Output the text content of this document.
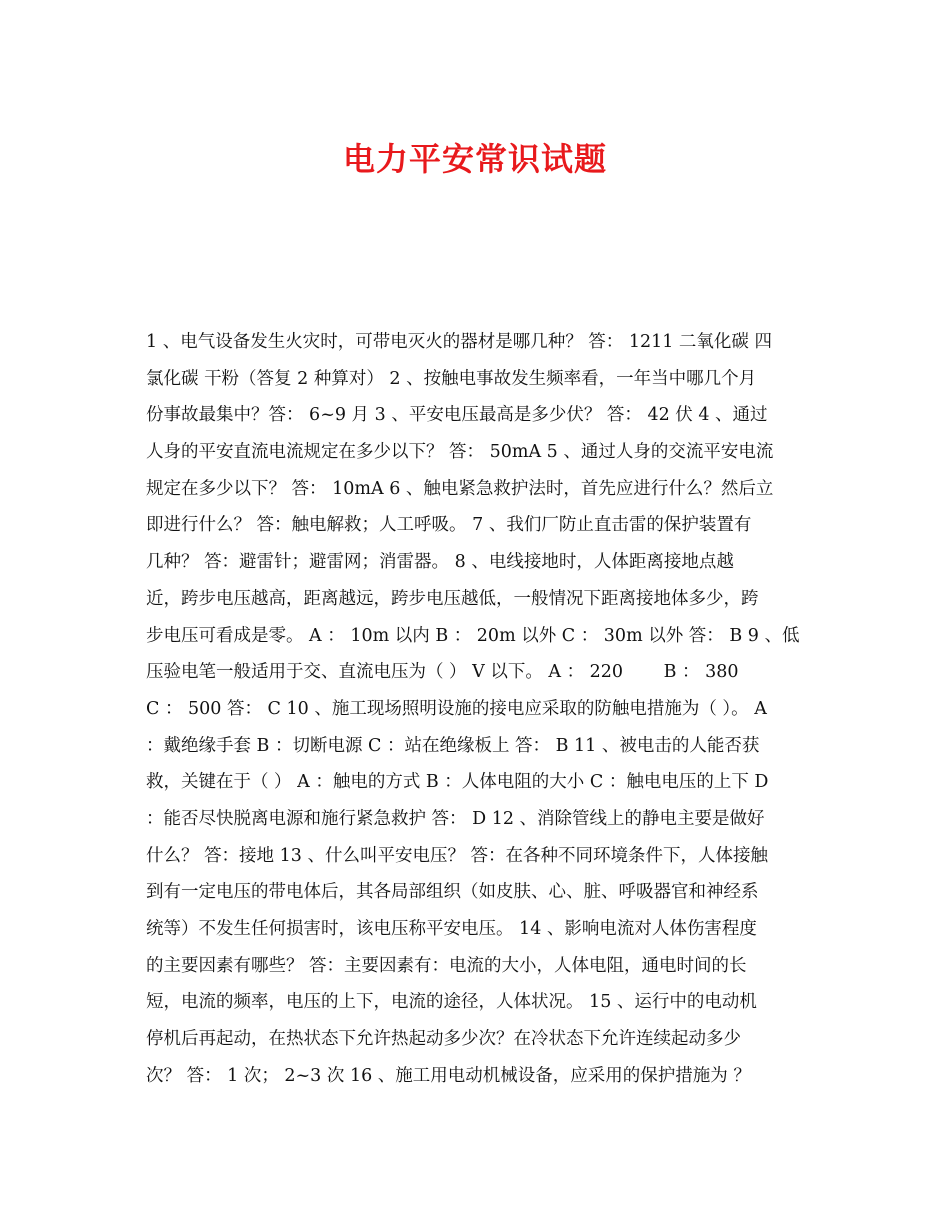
电力平安常识试题
1 、电气设备发生火灾时，可带电灭火的器材是哪几种？ 答： 1211 二氧化碳 四
氯化碳 干粉（答复 2 种算对） 2 、按触电事故发生频率看，一年当中哪几个月
份事故最集中？答： 6~9 月 3 、平安电压最高是多少伏？ 答： 42 伏 4 、通过
人身的平安直流电流规定在多少以下？ 答： 50mA 5 、通过人身的交流平安电流
规定在多少以下？ 答： 10mA 6 、触电紧急救护法时，首先应进行什么？然后立
即进行什么？ 答：触电解救；人工呼吸。 7 、我们厂防止直击雷的保护装置有
几种？ 答：避雷针；避雷网；消雷器。 8 、电线接地时，人体距离接地点越
近，跨步电压越高，距离越远，跨步电压越低，一般情况下距离接地体多少，跨
步电压可看成是零。 A ： 10m 以内 B ： 20m 以外 C ： 30m 以外 答： B 9 、低
压验电笔一般适用于交、直流电压为（ ） V 以下。 A ： 220　　 B ： 380
C ： 500 答： C 10 、施工现场照明设施的接电应采取的防触电措施为（ ）。 A
：戴绝缘手套 B ：切断电源 C ：站在绝缘板上 答： B 11 、被电击的人能否获
救，关键在于（ ） A ：触电的方式 B ：人体电阻的大小 C ：触电电压的上下 D
：能否尽快脱离电源和施行紧急救护 答： D 12 、消除管线上的静电主要是做好
什么？ 答：接地 13 、什么叫平安电压？ 答：在各种不同环境条件下，人体接触
到有一定电压的带电体后，其各局部组织（如皮肤、心、脏、呼吸器官和神经系
统等）不发生任何损害时，该电压称平安电压。 14 、影响电流对人体伤害程度
的主要因素有哪些？ 答：主要因素有：电流的大小，人体电阻，通电时间的长
短，电流的频率，电压的上下，电流的途径，人体状况。 15 、运行中的电动机
停机后再起动，在热状态下允许热起动多少次？在冷状态下允许连续起动多少
次？ 答： 1 次； 2~3 次 16 、施工用电动机械设备，应采用的保护措施为 ？
